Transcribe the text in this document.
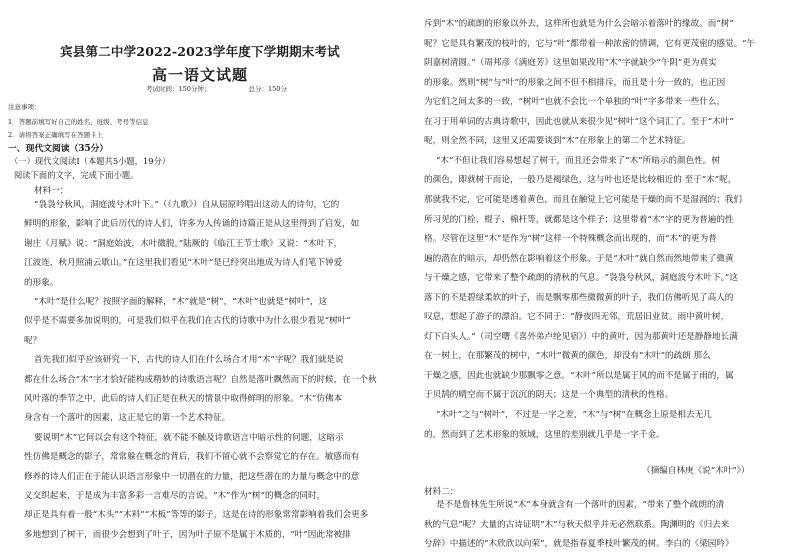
宾县第二中学2022-2023学年度下学期期末考试
高一语文试题
考试时间：150分钟；	总分：150分
注意事项：
1．答题前填写好自己的姓名、班级、考号等信息
2．请将答案正确填写在答题卡上
一、现代文阅读（35分）
（一）现代文阅读I（本题共5小题，19分）
阅读下面的文字，完成下面小题。
材料一：
“袅袅兮秋风，洞庭波兮木叶下。”（《九歌》）自从屈原吟唱出这动人的诗句，它的
鲜明的形象，影响了此后历代的诗人们，许多为人传诵的诗篇正是从这里得到了启发，如
谢庄《月赋》说：“洞庭始波，木叶微脱。”陆厥的《临江王节士歌》又说：“木叶下，
江波连，秋月照浦云歇山。”在这里我们看见“木叶”是已经突出地成为诗人们笔下钟爱
的形象。
“木叶”是什么呢？按照字面的解释，“木”就是“树”，“木叶”也就是“树叶”，这
似乎是不需要多加说明的，可是我们似乎在我们在古代的诗歌中为什么很少看见“树叶”
呢？
首先我们似乎应该研究一下，古代的诗人们在什么场合才用“木”字呢？我们就是说
都在什么场合“木”字才恰好能构成精妙的诗歌语言呢？自然是落叶飘然而下的时候，在一个秋
风叶落的季节之中，此后的诗人们正是在秋天的情景中取得鲜明的形象。“木”仿佛本
身含有一个落叶的因素，这正是它的第一个艺术特征。
要说明“木”它何以会有这个特征，就不能不触及诗歌语言中暗示性的问题，这暗示
性仿佛是概念的影子，常常躲在概念的背后，我们不留心就不会察觉它的存在。敏感而有
修养的诗人们正在于能认识语言形象中一切潜在的力量，把这些潜在的力量与概念中的意
义交织起来，于是成为丰富多彩一言难尽的言说。“木”作为“树”的概念的同时，
却正是具有着一般“木头”“木料”“木板”等等的影子，这是在诗的形象常常影响着我们会更多
多地想到了树干，而很少会想到了叶子，因为叶子原不是属于木质的，“叶”因此常被排
斥到“木”的疏朗的形象以外去，这样所也就是为什么会暗示着落叶的缘故。而“树”
呢？它是具有繁茂的枝叶的，它与“叶”都带着一种浓密的情调，它有更茂密的感觉。“午
阴嘉树清圆。”（周邦彦《满庭芳》这里如果改用“木”字就缺少“午阴”更为真实
的形象。然则“树”与“叶”的形象之间不但不相排斥，而且是十分一致的，也正因
为它们之间太多的一致，“树叶”也就不会比一个单独的“叶”字多带来一些什么，
在习于用单词的古典诗歌中，因此也就从来很少见“树叶”这个词汇了。至于“木叶”
呢，则全然不同，这里又还需要谈到“木”在形象上的第二个艺术特征。
“木”不但让我们容易想起了树干，而且还会带来了“木”所暗示的颜色性。树
的颜色，即就树干而论，一般乃是褐绿色，这与叶也还是比较相近的 至于“木”呢，
那就我不定，它可能是透着黄色，而且在触觉上它可能是干燥的而不是湿润的；我们
所习见的门栓、棍子、棉杆等，就都是这个样子；这里带着“木”字的更为普遍的性
格。尽管在这里“木”是作为“树”这样一个特殊概念而出现的，而“木”的更为普
遍的潜在的暗示，却仍然在影响着这个形象。于是“木叶”就自然而然地带来了微黄
与干燥之感，它带来了整个疏朗的清秋的气息。“袅袅兮秋风，洞庭波兮木叶下。”这
落下的不是碧绿柔软的叶子，而是飘零那些微微黄的叶子，我们仿佛听见了高人的
叹息，想起了游子的漂泊。它不同于：“静夜四无邻，荒居旧业贫。雨中黄叶树，
灯下白头人。”（司空曙《喜外弟卢纶见宿》）中的黄叶，因为那黄叶还是静静地长满
在一树上，在那繁茂的树中，“木叶”微黄的颜色，却没有“木叶”的疏朗 那么
干燥之感，因此也就缺少那飘零之意。“木叶”所以是属于风的而不是属于雨的，属
于贝鹄的晴空而不属于沉沉的阴天；这是一个典型的清秋的性格。
“木叶”之与“树叶”，不过是一字之差，“木”与“树”在概念上原是相去无几
的，然而到了艺术形象的领域，这里的差别就几乎是一字千金。
（摘编自林庚《说“木叶”》）
材料二：
是不是詹林先生所说“木”本身就含有一个落叶的因素，“带来了整个疏朗的清
秋的气息”呢？大量的古诗证明“木”与秋天似乎并无必然联系。陶渊明的《归去来
兮辞》中描述的“木欣欣以向荣”，就是指春夏季枝叶繁茂的树。李白的《梁园吟》
